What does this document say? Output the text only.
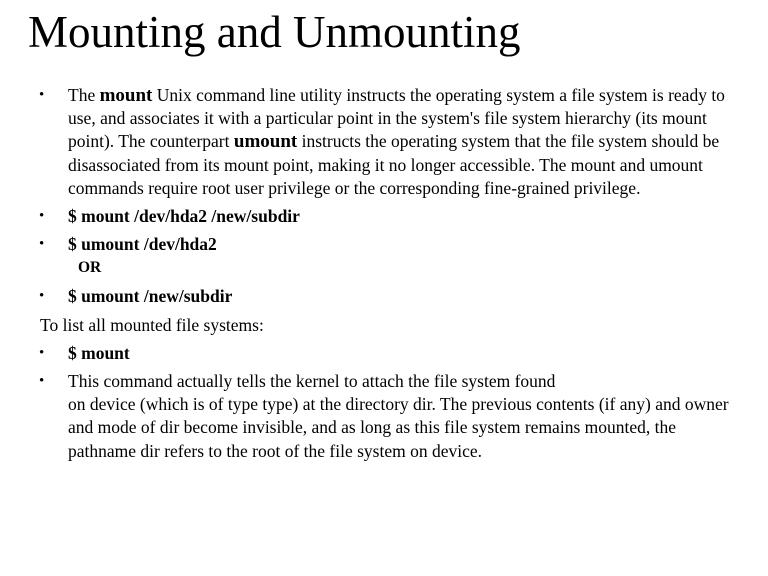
Mounting and Unmounting
• The mount Unix command line utility instructs the operating system a file system is ready to use, and associates it with a particular point in the system's file system hierarchy (its mount point). The counterpart umount instructs the operating system that the file system should be disassociated from its mount point, making it no longer accessible. The mount and umount commands require root user privilege or the corresponding fine-grained privilege.
• $ mount /dev/hda2 /new/subdir
• $ umount /dev/hda2
OR
• $ umount /new/subdir
To list all mounted file systems:
• $ mount
• This command actually tells the kernel to attach the file system found
on device (which is of type type) at the directory dir. The previous contents (if any) and owner and mode of dir become invisible, and as long as this file system remains mounted, the pathname dir refers to the root of the file system on device.
